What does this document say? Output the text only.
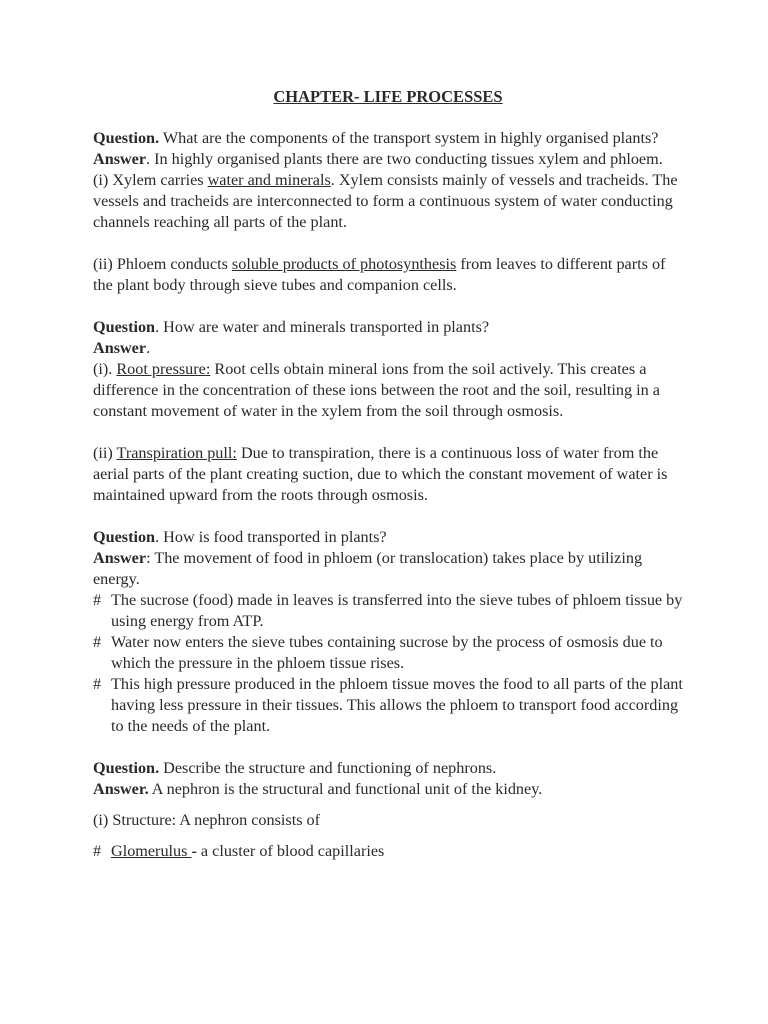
CHAPTER- LIFE PROCESSES

Question. What are the components of the transport system in highly organised plants?

Answer. In highly organised plants there are two conducting tissues xylem and phloem.

(i) Xylem carries water and minerals. Xylem consists mainly of vessels and tracheids. The vessels and tracheids are interconnected to form a continuous system of water conducting channels reaching all parts of the plant.

(ii) Phloem conducts soluble products of photosynthesis from leaves to different parts of the plant body through sieve tubes and companion cells.

Question. How are water and minerals transported in plants?

Answer.

(i). Root pressure: Root cells obtain mineral ions from the soil actively. This creates a difference in the concentration of these ions between the root and the soil, resulting in a constant movement of water in the xylem from the soil through osmosis.

(ii) Transpiration pull: Due to transpiration, there is a continuous loss of water from the aerial parts of the plant creating suction, due to which the constant movement of water is maintained upward from the roots through osmosis.

Question. How is food transported in plants?

Answer: The movement of food in phloem (or translocation) takes place by utilizing energy.

# The sucrose (food) made in leaves is transferred into the sieve tubes of phloem tissue by using energy from ATP.
# Water now enters the sieve tubes containing sucrose by the process of osmosis due to which the pressure in the phloem tissue rises.
# This high pressure produced in the phloem tissue moves the food to all parts of the plant having less pressure in their tissues. This allows the phloem to transport food according to the needs of the plant.

Question. Describe the structure and functioning of nephrons.

Answer. A nephron is the structural and functional unit of the kidney.

(i) Structure: A nephron consists of

# Glomerulus - a cluster of blood capillaries
